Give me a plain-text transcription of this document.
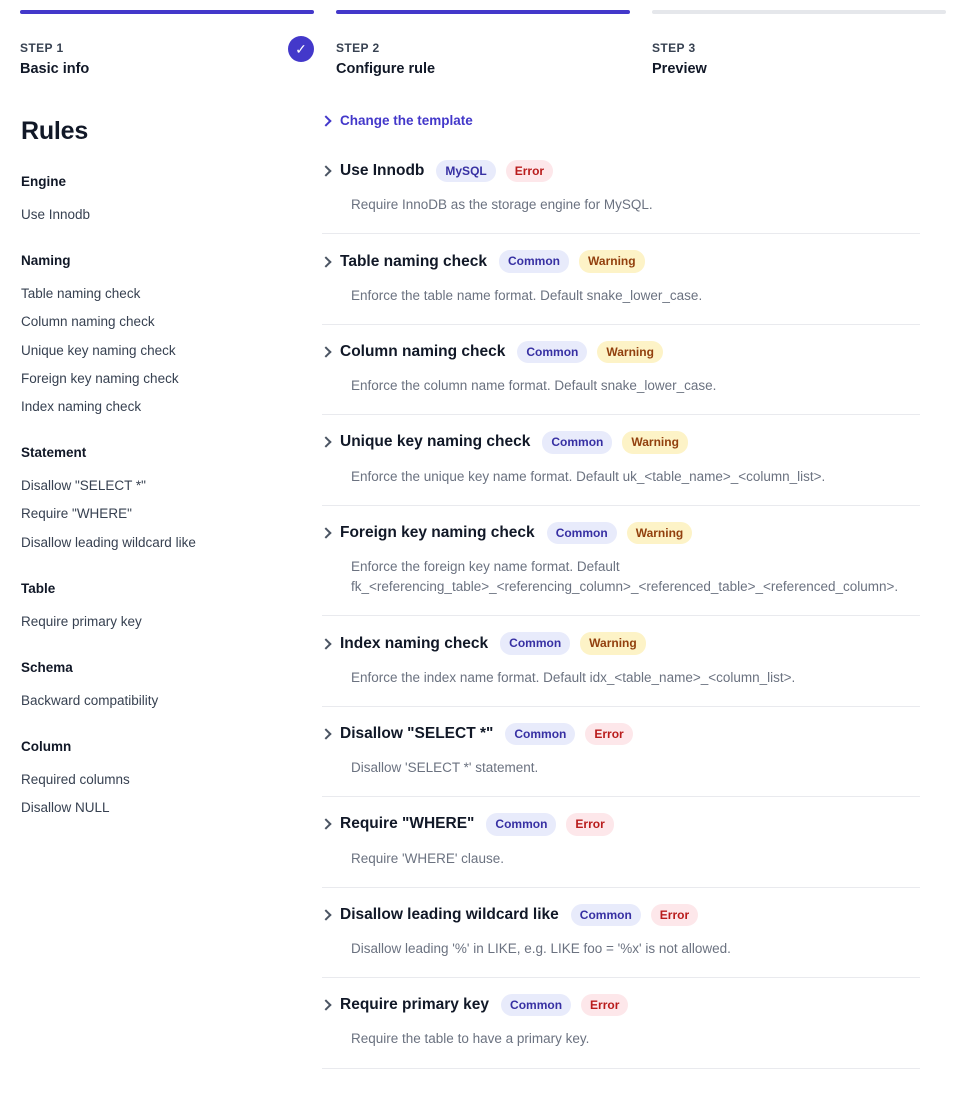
STEP 1
Basic info
✓	STEP 2
Configure rule
STEP 3
Preview
Rules
Engine
Use Innodb
Naming
Table naming check
Column naming check
Unique key naming check
Foreign key naming check
Index naming check
Statement
Disallow "SELECT *"
Require "WHERE"
Disallow leading wildcard like
Table
Require primary key
Schema
Backward compatibility
Column
Required columns
Disallow NULL
Change the template
Use Innodb	MySQL	Error
Require InnoDB as the storage engine for MySQL.
Table naming check	Common	Warning
Enforce the table name format. Default snake_lower_case.
Column naming check	Common	Warning
Enforce the column name format. Default snake_lower_case.
Unique key naming check	Common	Warning
Enforce the unique key name format. Default uk_<table_name>_<column_list>.
Foreign key naming check	Common	Warning
Enforce the foreign key name format. Default fk_<referencing_table>_<referencing_column>_<referenced_table>_<referenced_column>.
Index naming check	Common	Warning
Enforce the index name format. Default idx_<table_name>_<column_list>.
Disallow "SELECT *"	Common	Error
Disallow 'SELECT *' statement.
Require "WHERE"	Common	Error
Require 'WHERE' clause.
Disallow leading wildcard like	Common	Error
Disallow leading '%' in LIKE, e.g. LIKE foo = '%x' is not allowed.
Require primary key	Common	Error
Require the table to have a primary key.
